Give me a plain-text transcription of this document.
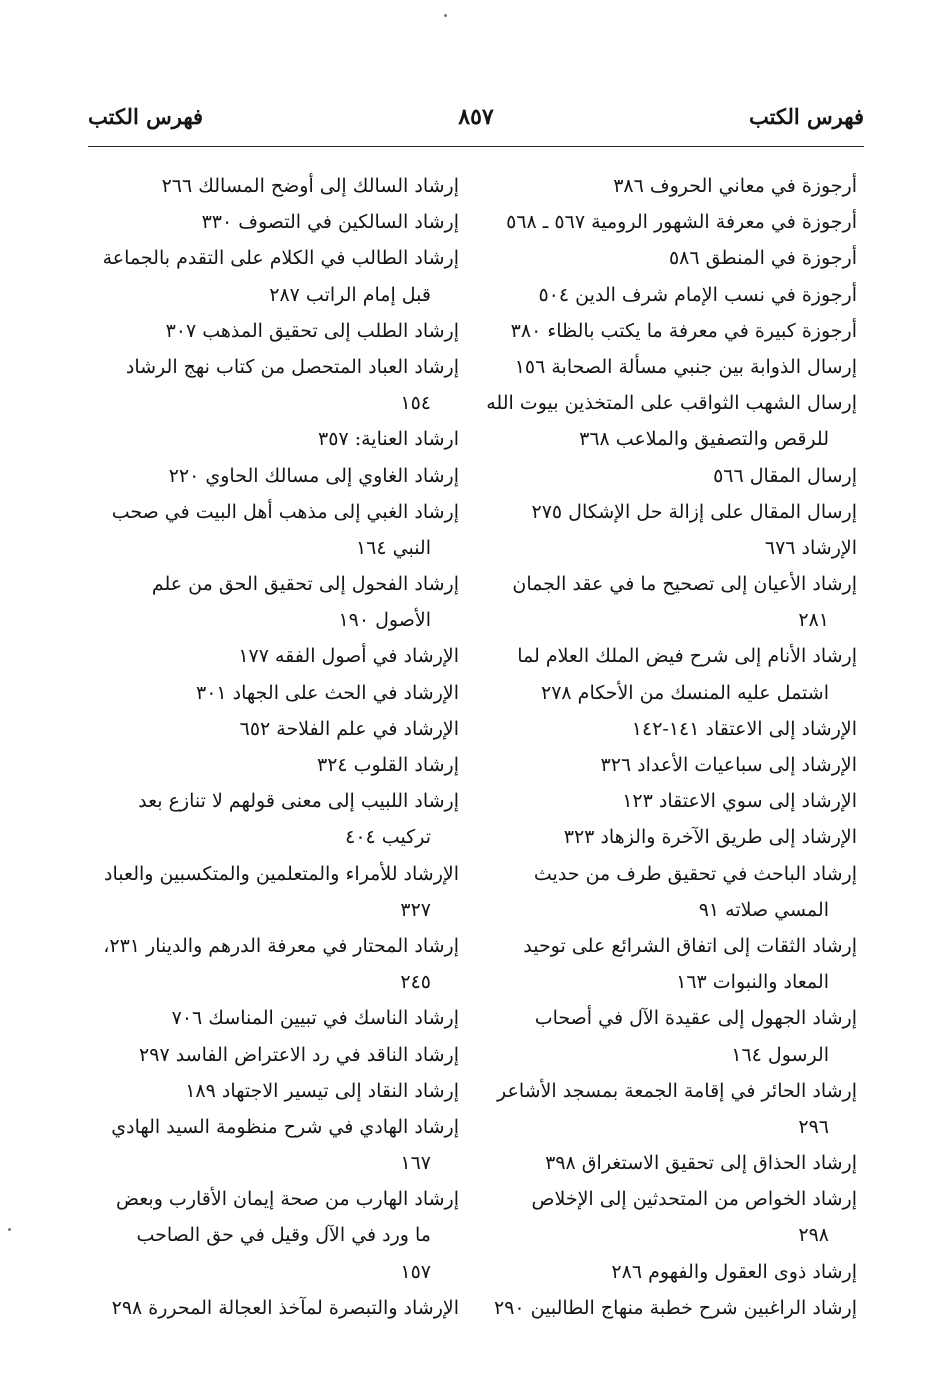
فهرس الكتب
٨٥٧
فهرس الكتب
أرجوزة في معاني الحروف ٣٨٦
أرجوزة في معرفة الشهور الرومية ٥٦٧ ـ ٥٦٨
أرجوزة في المنطق ٥٨٦
أرجوزة في نسب الإمام شرف الدين ٥٠٤
أرجوزة كبيرة في معرفة ما يكتب بالظاء ٣٨٠
إرسال الذوابة بين جنبي مسألة الصحابة ١٥٦
إرسال الشهب الثواقب على المتخذين بيوت الله
للرقص والتصفيق والملاعب ٣٦٨
إرسال المقال ٥٦٦
إرسال المقال على إزالة حل الإشكال ٢٧٥
الإرشاد ٦٧٦
إرشاد الأعيان إلى تصحيح ما في عقد الجمان
٢٨١
إرشاد الأنام إلى شرح فيض الملك العلام لما
اشتمل عليه المنسك من الأحكام ٢٧٨
الإرشاد إلى الاعتقاد ١٤١-١٤٢
الإرشاد إلى سباعيات الأعداد ٣٢٦
الإرشاد إلى سوي الاعتقاد ١٢٣
الإرشاد إلى طريق الآخرة والزهاد ٣٢٣
إرشاد الباحث في تحقيق طرف من حديث
المسي صلاته ٩١
إرشاد الثقات إلى اتفاق الشرائع على توحيد
المعاد والنبوات ١٦٣
إرشاد الجهول إلى عقيدة الآل في أصحاب
الرسول ١٦٤
إرشاد الحائر في إقامة الجمعة بمسجد الأشاعر
٢٩٦
إرشاد الحذاق إلى تحقيق الاستغراق ٣٩٨
إرشاد الخواص من المتحدثين إلى الإخلاص
٢٩٨
إرشاد ذوى العقول والفهوم ٢٨٦
إرشاد الراغبين شرح خطبة منهاج الطالبين ٢٩٠
إرشاد السالك إلى أوضح المسالك ٢٦٦
إرشاد السالكين في التصوف ٣٣٠
إرشاد الطالب في الكلام على التقدم بالجماعة
قبل إمام الراتب ٢٨٧
إرشاد الطلب إلى تحقيق المذهب ٣٠٧
إرشاد العباد المتحصل من كتاب نهج الرشاد
١٥٤
ارشاد العناية: ٣٥٧
إرشاد الغاوي إلى مسالك الحاوي ٢٢٠
إرشاد الغبي إلى مذهب أهل البيت في صحب
النبي ١٦٤
إرشاد الفحول إلى تحقيق الحق من علم
الأصول ١٩٠
الإرشاد في أصول الفقه ١٧٧
الإرشاد في الحث على الجهاد ٣٠١
الإرشاد في علم الفلاحة ٦٥٢
إرشاد القلوب ٣٢٤
إرشاد اللبيب إلى معنى قولهم لا تنازع بعد
تركيب ٤٠٤
الإرشاد للأمراء والمتعلمين والمتكسبين والعباد
٣٢٧
إرشاد المحتار في معرفة الدرهم والدينار ٢٣١،
٢٤٥
إرشاد الناسك في تبيين المناسك ٧٠٦
إرشاد الناقد في رد الاعتراض الفاسد ٢٩٧
إرشاد النقاد إلى تيسير الاجتهاد ١٨٩
إرشاد الهادي في شرح منظومة السيد الهادي
١٦٧
إرشاد الهارب من صحة إيمان الأقارب وبعض
ما ورد في الآل وقيل في حق الصاحب
١٥٧
الإرشاد والتبصرة لمآخذ العجالة المحررة ٢٩٨
